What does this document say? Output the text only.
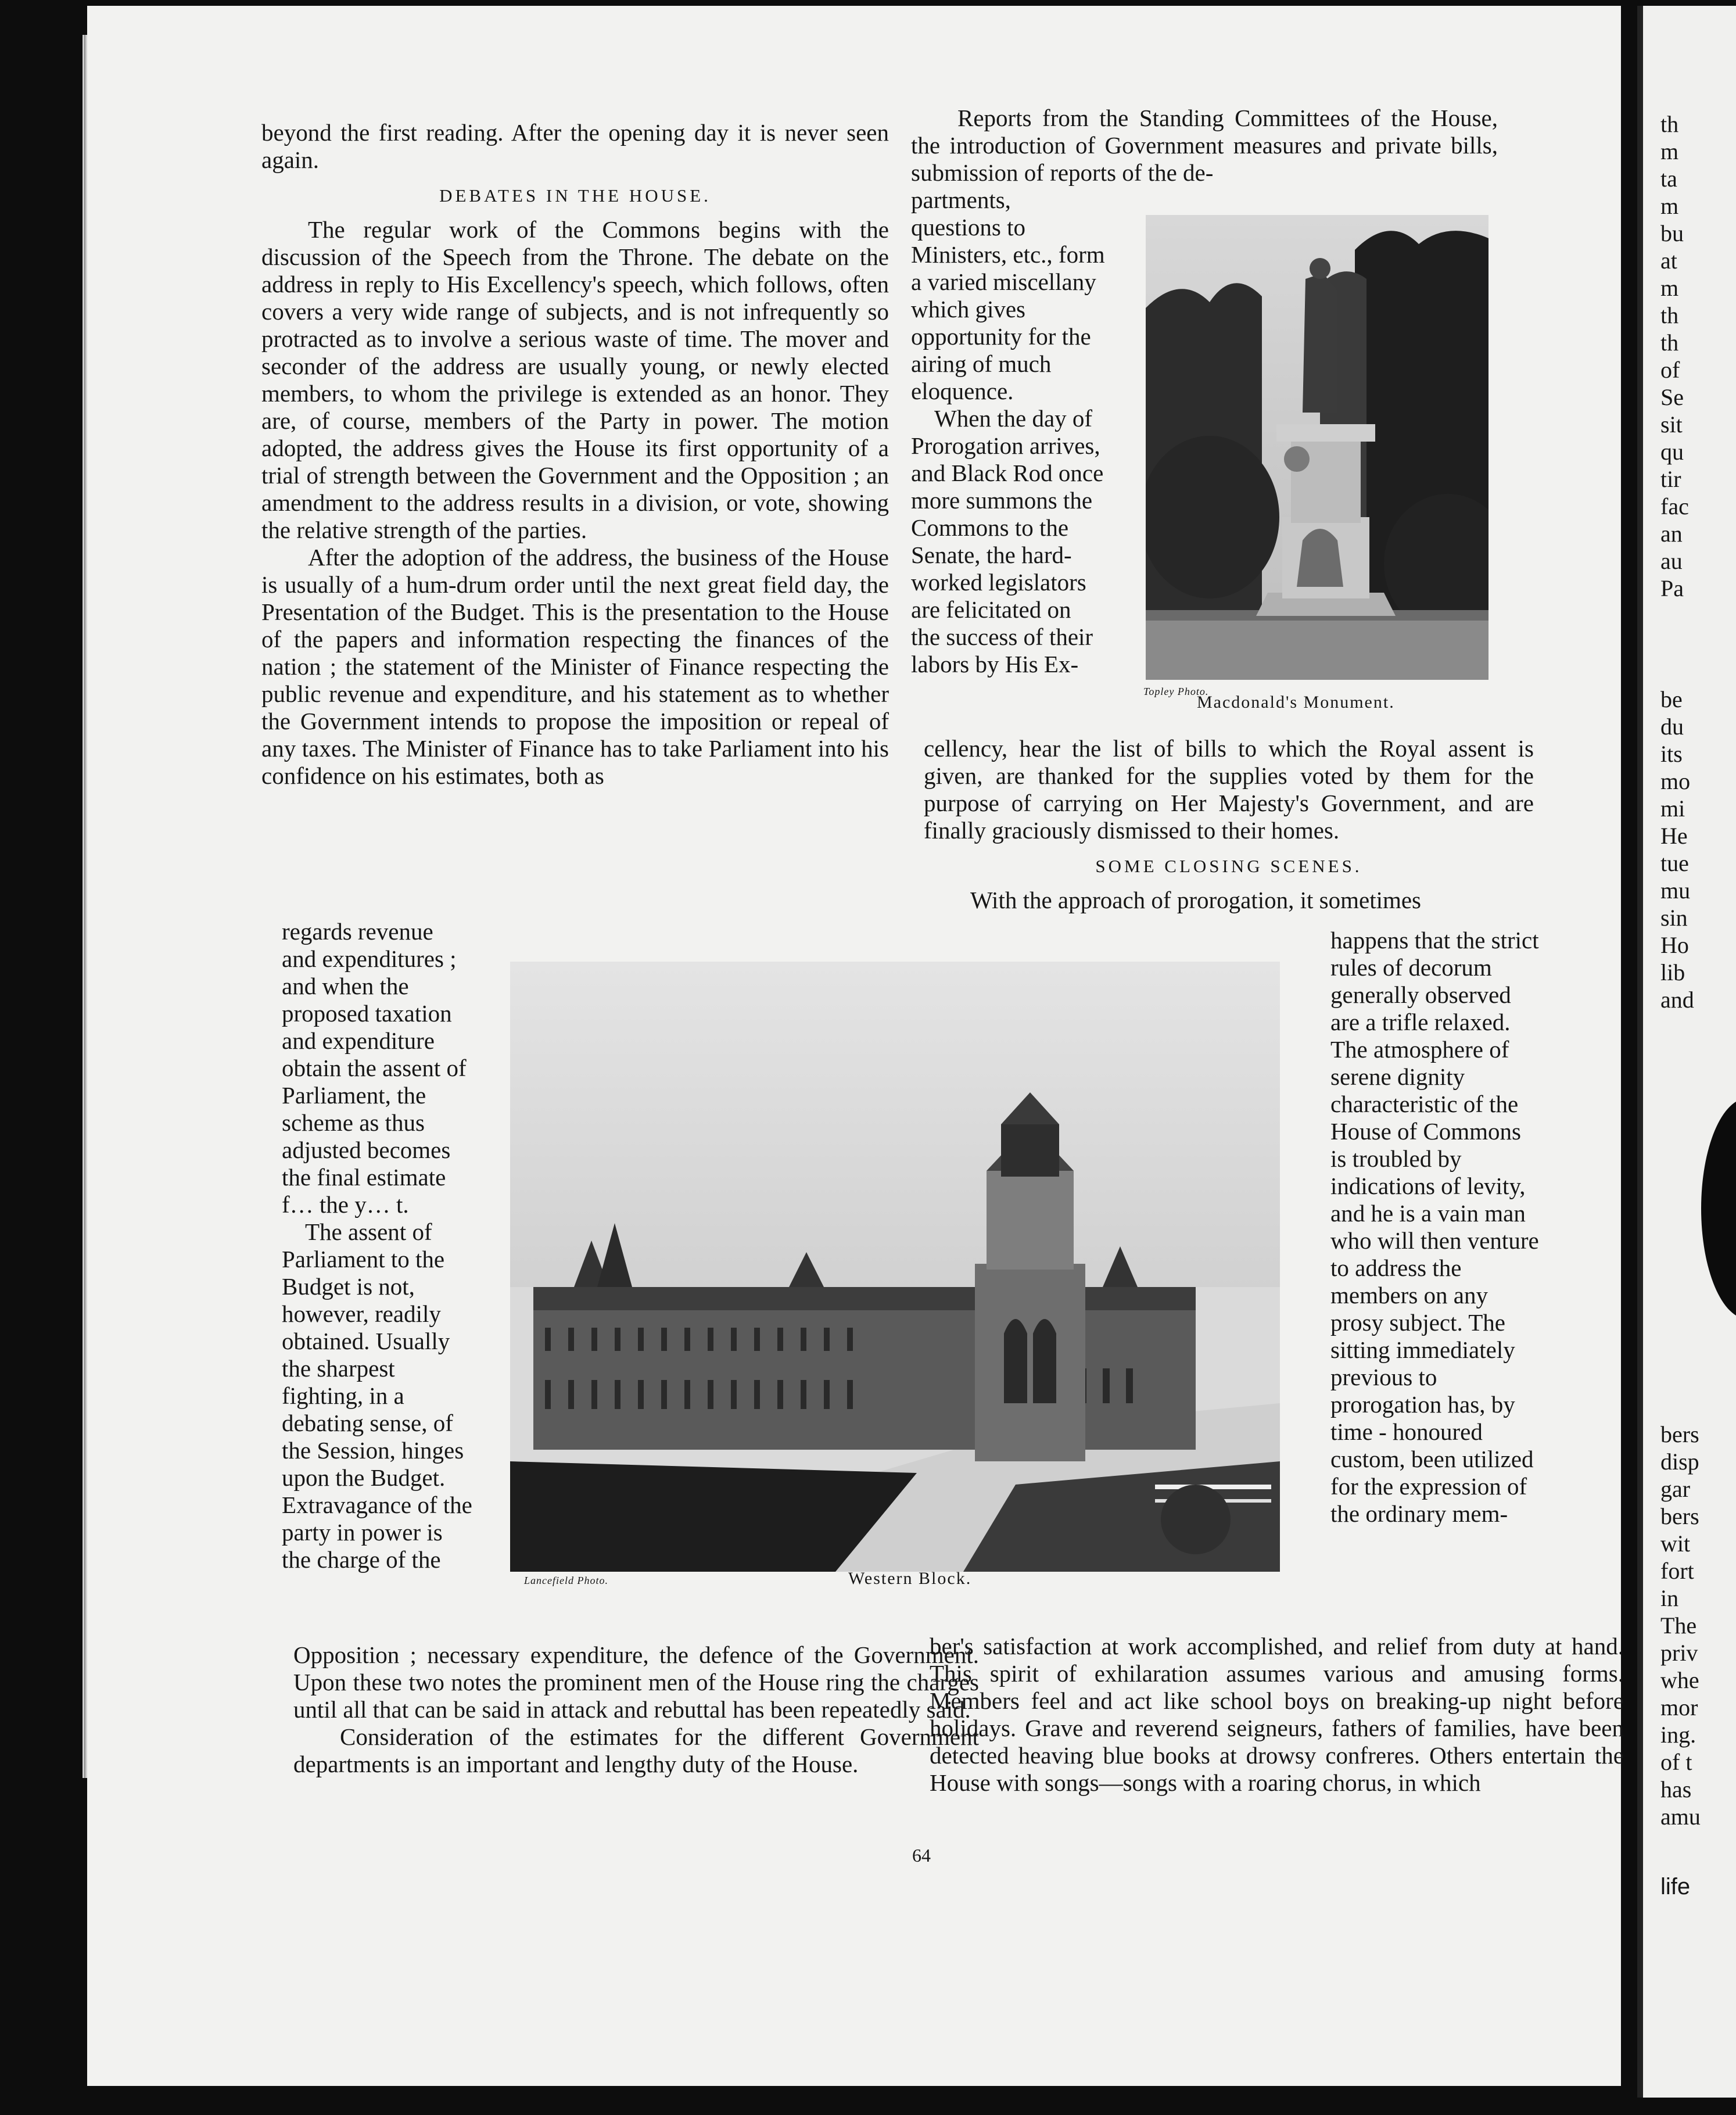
beyond the first reading. After the opening day it is never seen again.

DEBATES IN THE HOUSE.

The regular work of the Commons begins with the discussion of the Speech from the Throne. The debate on the address in reply to His Excellency's speech, which follows, often covers a very wide range of subjects, and is not infrequently so protracted as to involve a serious waste of time. The mover and seconder of the address are usually young, or newly elected members, to whom the privilege is extended as an honor. They are, of course, members of the Party in power. The motion adopted, the address gives the House its first opportunity of a trial of strength between the Government and the Opposition ; an amendment to the address results in a division, or vote, showing the relative strength of the parties.

After the adoption of the address, the business of the House is usually of a hum-drum order until the next great field day, the Presentation of the Budget. This is the presentation to the House of the papers and information respecting the finances of the nation ; the statement of the Minister of Finance respecting the public revenue and expenditure, and his statement as to whether the Government intends to propose the imposition or repeal of any taxes. The Minister of Finance has to take Parliament into his confidence on his estimates, both as

regards revenue and expenditures ; and when the proposed taxation and expenditure obtain the assent of Parliament, the scheme as thus adjusted becomes the final estimate f… the y… t.

The assent of Parliament to the Budget is not, however, readily obtained. Usually the sharpest fighting, in a debating sense, of the Session, hinges upon the Budget. Extravagance of the party in power is the charge of the

Opposition ; necessary expenditure, the defence of the Government. Upon these two notes the prominent men of the House ring the charges until all that can be said in attack and rebuttal has been repeatedly said.

Consideration of the estimates for the different Government departments is an important and lengthy duty of the House.

Reports from the Standing Committees of the House, the introduction of Government measures and private bills, submission of reports of the de-

partments, questions to Ministers, etc., form a varied miscellany which gives opportunity for the airing of much eloquence.

When the day of Prorogation arrives, and Black Rod once more summons the Commons to the Senate, the hard-worked legislators are felicitated on the success of their labors by His Ex-

cellency, hear the list of bills to which the Royal assent is given, are thanked for the supplies voted by them for the purpose of carrying on Her Majesty's Government, and are finally graciously dismissed to their homes.

SOME CLOSING SCENES.

With the approach of prorogation, it sometimes

happens that the strict rules of decorum generally observed are a trifle relaxed. The atmosphere of serene dignity characteristic of the House of Commons is troubled by indications of levity, and he is a vain man who will then venture to address the members on any prosy subject. The sitting immediately previous to prorogation has, by time - honoured custom, been utilized for the expression of the ordinary mem-

ber's satisfaction at work accomplished, and relief from duty at hand. This spirit of exhilaration assumes various and amusing forms. Members feel and act like school boys on breaking-up night before holidays. Grave and reverend seigneurs, fathers of families, have been detected heaving blue books at drowsy confreres. Others entertain the House with songs—songs with a roaring chorus, in which

Topley Photo.
Macdonald's Monument.
Lancefield Photo.	Western Block.
64
th
m
ta
m
bu
at
m
th
th
of
Se
sit
qu
tir
fac
an
au
Pa
be
du
its
mo
mi
He
tue
mu
sin
Ho
lib
and
bers
disp
gar
bers
wit
fort
in
The
priv
whe
mor
ing.
of t
has
amu
life
